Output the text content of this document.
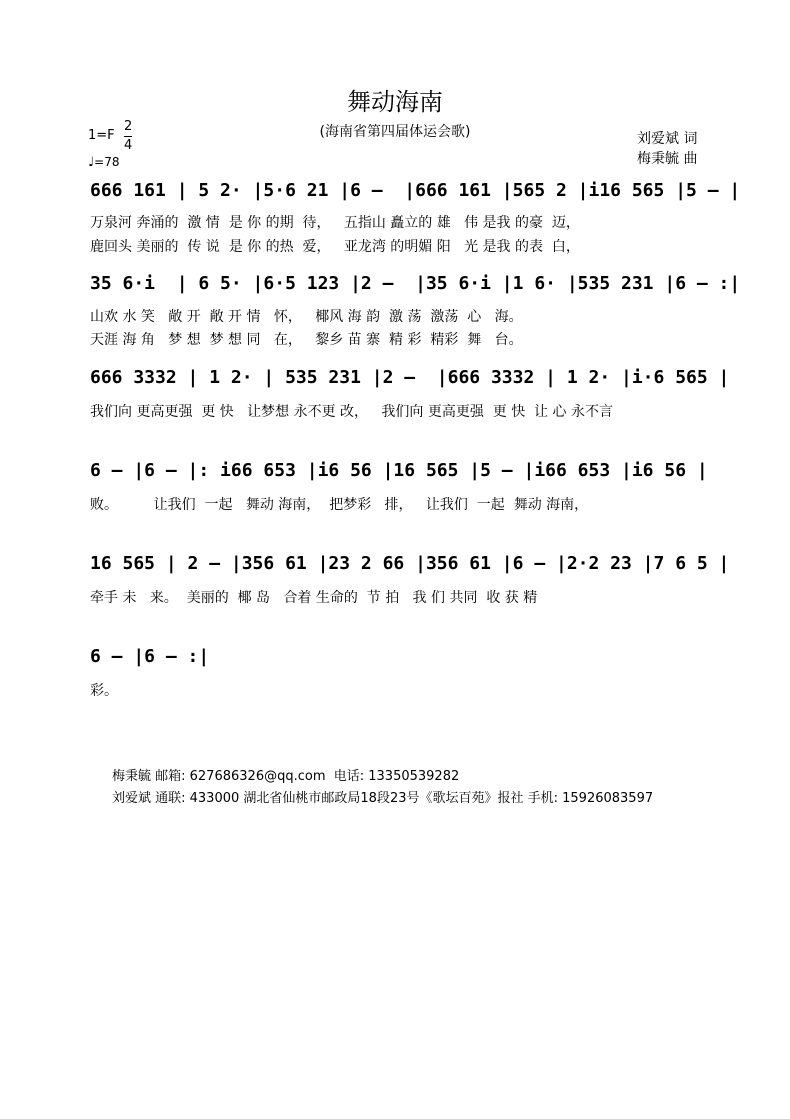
舞动海南
(海南省第四届体运会歌)	刘爱斌 词
梅秉毓 曲
1=F
2
4
♩=78
666 161 | 5 2· |5·6 21 |6 –  |666 161 |565 2 |i16 565 |5 – |
万泉河 奔涌的  激 情  是 你 的期  待，   五指山 矗立的 雄   伟 是我 的豪  迈，
鹿回头 美丽的  传 说  是 你 的热  爱，   亚龙湾 的明媚 阳   光 是我 的表  白，
35 6·i  | 6 5· |6·5 123 |2 –  |35 6·i |1 6· |535 231 |6 – :|
山欢 水 笑   敞 开  敞 开 情   怀，   椰风 海 韵  激 荡  激荡  心   海。
天涯 海 角   梦 想  梦 想 同   在，   黎乡 苗 寨  精 彩  精彩  舞   台。
666 3332 | 1 2· | 535 231 |2 –  |666 3332 | 1 2· |i·6 565 |
我们向 更高更强  更 快   让梦想 永不更 改，   我们向 更高更强  更 快  让 心 永不言
6 – |6 – |: i66 653 |i6 56 |16 565 |5 – |i66 653 |i6 56 |
败。        让我们  一起   舞动 海南，  把梦彩   排，   让我们  一起  舞动 海南，
16 565 | 2 – |356 61 |23 2 66 |356 61 |6 – |2·2 23 |7 6 5 |
牵手 未   来。  美丽的  椰 岛   合着 生命的  节 拍   我 们 共同  收 获 精
6 – |6 – :|
彩。
梅秉毓 邮箱: 627686326@qq.com  电话: 13350539282
刘爱斌 通联: 433000 湖北省仙桃市邮政局18段23号《歌坛百苑》报社 手机: 15926083597
